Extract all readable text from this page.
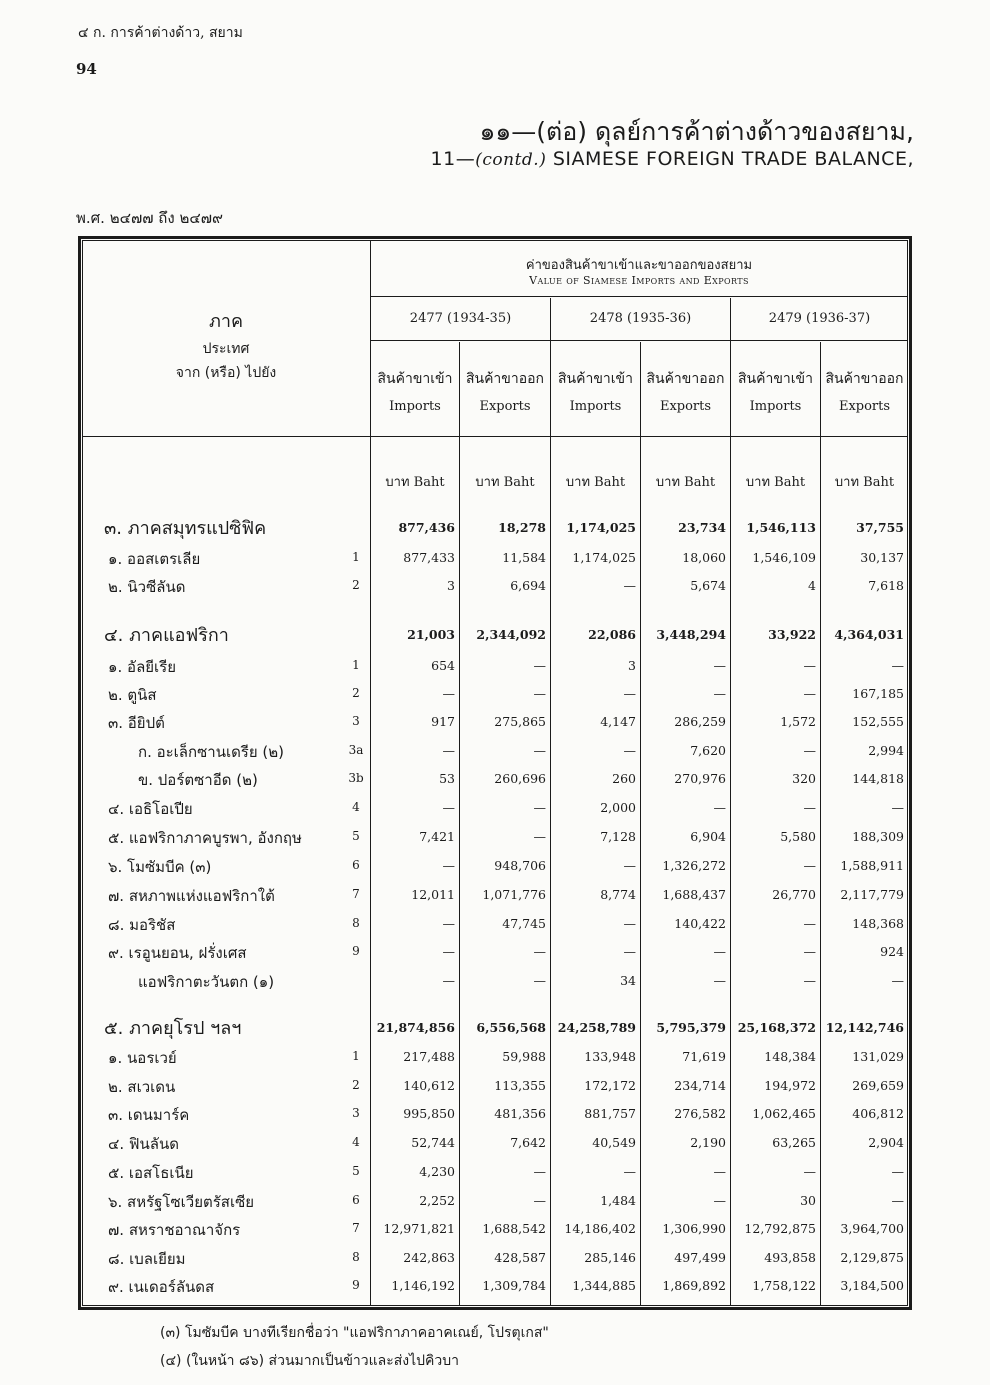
๔ ก. การค้าต่างด้าว, สยาม
94
๑๑—(ต่อ) ดุลย์การค้าต่างด้าวของสยาม,
11—(contd.) SIAMESE FOREIGN TRADE BALANCE,
พ.ศ. ๒๔๗๗ ถึง ๒๔๗๙
ภาค
ประเทศ
จาก (หรือ) ไปยัง
ค่าของสินค้าขาเข้าและขาออกของสยาม
Value of Siamese Imports and Exports
2477 (1934-35)	2478 (1935-36)	2479 (1936-37)
สินค้าขาเข้า สินค้าขาออก สินค้าขาเข้า สินค้าขาออก สินค้าขาเข้า สินค้าขาออก
Imports	Exports	Imports	Exports	Imports	Exports
บาท Baht	บาท Baht	บาท Baht	บาท Baht	บาท Baht	บาท Baht
๓. ภาคสมุทรแปซิฟิค	877,436	18,278	1,174,025	23,734	1,546,113	37,755
๑. ออสเตรเลีย	1	877,433	11,584	1,174,025	18,060	1,546,109	30,137
๒. นิวซีลันด	2	3	6,694	—	5,674	4	7,618
๔. ภาคแอฟริกา	21,003	2,344,092	22,086	3,448,294	33,922	4,364,031
๑. อัลยีเรีย	1	654	—	3	—	—	—
๒. ตูนิส	2	—	—	—	—	—	167,185
๓. อียิปต์	3	917	275,865	4,147	286,259	1,572	152,555
ก. อะเล็กซานเดรีย (๒)	3a	—	—	—	7,620	—	2,994
ข. ปอร์ตซาอีด (๒)	3b	53	260,696	260	270,976	320	144,818
๔. เอธิโอเปีย	4	—	—	2,000	—	—	—
๕. แอฟริกาภาคบูรพา, อังกฤษ	5	7,421	—	7,128	6,904	5,580	188,309
๖. โมซัมบีค (๓)	6	—	948,706	—	1,326,272	—	1,588,911
๗. สหภาพแห่งแอฟริกาใต้	7	12,011	1,071,776	8,774	1,688,437	26,770	2,117,779
๘. มอริชัส	8	—	47,745	—	140,422	—	148,368
๙. เรอูนยอน, ฝรั่งเศส	9	—	—	—	—	—	924
แอฟริกาตะวันตก (๑)	—	—	34	—	—	—
๕. ภาคยุโรป ฯลฯ	21,874,856	6,556,568 24,258,789	5,795,379 25,168,372 12,142,746
๑. นอรเวย์	1	217,488	59,988	133,948	71,619	148,384	131,029
๒. สเวเดน	2	140,612	113,355	172,172	234,714	194,972	269,659
๓. เดนมาร์ค	3	995,850	481,356	881,757	276,582	1,062,465	406,812
๔. ฟินลันด	4	52,744	7,642	40,549	2,190	63,265	2,904
๕. เอสโธเนีย	5	4,230	—	—	—	—	—
๖. สหรัฐโซเวียตรัสเซีย	6	2,252	—	1,484	—	30	—
๗. สหราชอาณาจักร	7	12,971,821	1,688,542	14,186,402	1,306,990	12,792,875	3,964,700
๘. เบลเยียม	8	242,863	428,587	285,146	497,499	493,858	2,129,875
๙. เนเดอร์ลันดส	9	1,146,192	1,309,784	1,344,885	1,869,892	1,758,122	3,184,500
(๓) โมซัมบีค บางทีเรียกชื่อว่า "แอฟริกาภาคอาคเณย์, โปรตุเกส"
(๔) (ในหน้า ๘๖) ส่วนมากเป็นข้าวและส่งไปคิวบา
